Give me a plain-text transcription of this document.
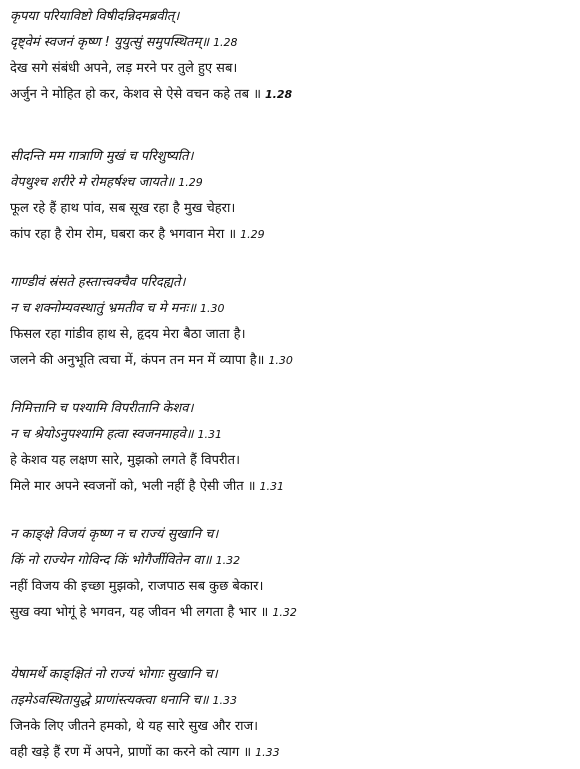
कृपया परियाविष्टो विषीदन्निदमब्रवीत्।
दृष्ट्वेमं स्वजनं कृष्ण ! युयुत्सुं समुपस्थितम्॥ 1.28
देख सगे संबंधी अपने, लड़ मरने पर तुले हुए सब।
अर्जुन ने मोहित हो कर, केशव से ऐसे वचन कहे तब ॥ 1.28
सीदन्ति मम गात्राणि मुखं च परिशुष्यति।
वेपथुश्च शरीरे मे रोमहर्षश्च जायते॥ 1.29
फूल रहे हैं हाथ पांव, सब सूख रहा है मुख चेहरा।
कांप रहा है रोम रोम, घबरा कर है भगवान मेरा ॥ 1.29
गाण्डीवं स्रंसते हस्तात्त्वक्चैव परिदह्यते।
न च शक्नोम्यवस्थातुं भ्रमतीव च मे मनः॥ 1.30
फिसल रहा गांडीव हाथ से, हृदय मेरा बैठा जाता है।
जलने की अनुभूति त्वचा में, कंपन तन मन में व्यापा है॥ 1.30
निमित्तानि च पश्यामि विपरीतानि केशव।
न च श्रेयोऽनुपश्यामि हत्वा स्वजनमाहवे॥ 1.31
हे केशव यह लक्षण सारे, मुझको लगते हैं विपरीत।
मिले मार अपने स्वजनों को, भली नहीं है ऐसी जीत ॥ 1.31
न काङ्क्षे विजयं कृष्ण न च राज्यं सुखानि च।
किं नो राज्येन गोविन्द किं भोगैर्जीवितेन वा॥ 1.32
नहीं विजय की इच्छा मुझको, राजपाठ सब कुछ बेकार।
सुख क्या भोगूं हे भगवन, यह जीवन भी लगता है भार ॥ 1.32
येषामर्थे काङ्क्षितं नो राज्यं भोगाः सुखानि च।
तइमेऽवस्थितायुद्धे प्राणांस्त्यक्त्वा धनानि च॥ 1.33
जिनके लिए जीतने हमको, थे यह सारे सुख और राज।
वही खड़े हैं रण में अपने, प्राणों का करने को त्याग ॥ 1.33
